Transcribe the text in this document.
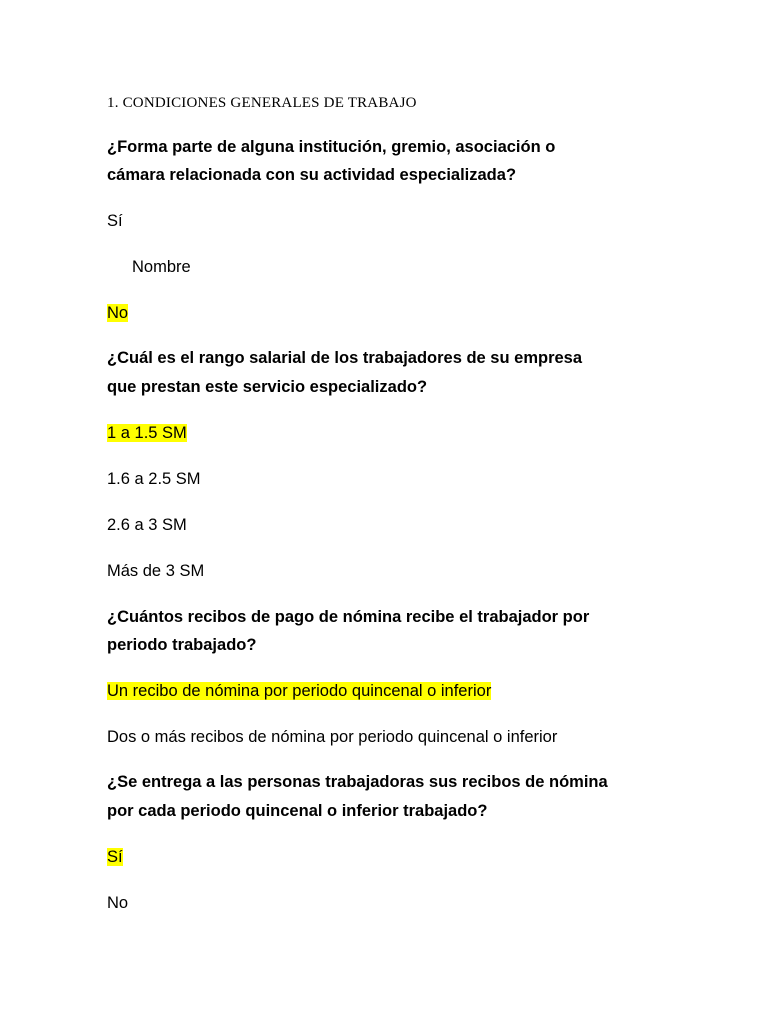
1. CONDICIONES GENERALES DE TRABAJO
¿Forma parte de alguna institución, gremio, asociación o
cámara relacionada con su actividad especializada?
Sí
Nombre
No
¿Cuál es el rango salarial de los trabajadores de su empresa
que prestan este servicio especializado?
1 a 1.5 SM
1.6 a 2.5 SM
2.6 a 3 SM
Más de 3 SM
¿Cuántos recibos de pago de nómina recibe el trabajador por
periodo trabajado?
Un recibo de nómina por periodo quincenal o inferior
Dos o más recibos de nómina por periodo quincenal o inferior
¿Se entrega a las personas trabajadoras sus recibos de nómina
por cada periodo quincenal o inferior trabajado?
Sí
No
